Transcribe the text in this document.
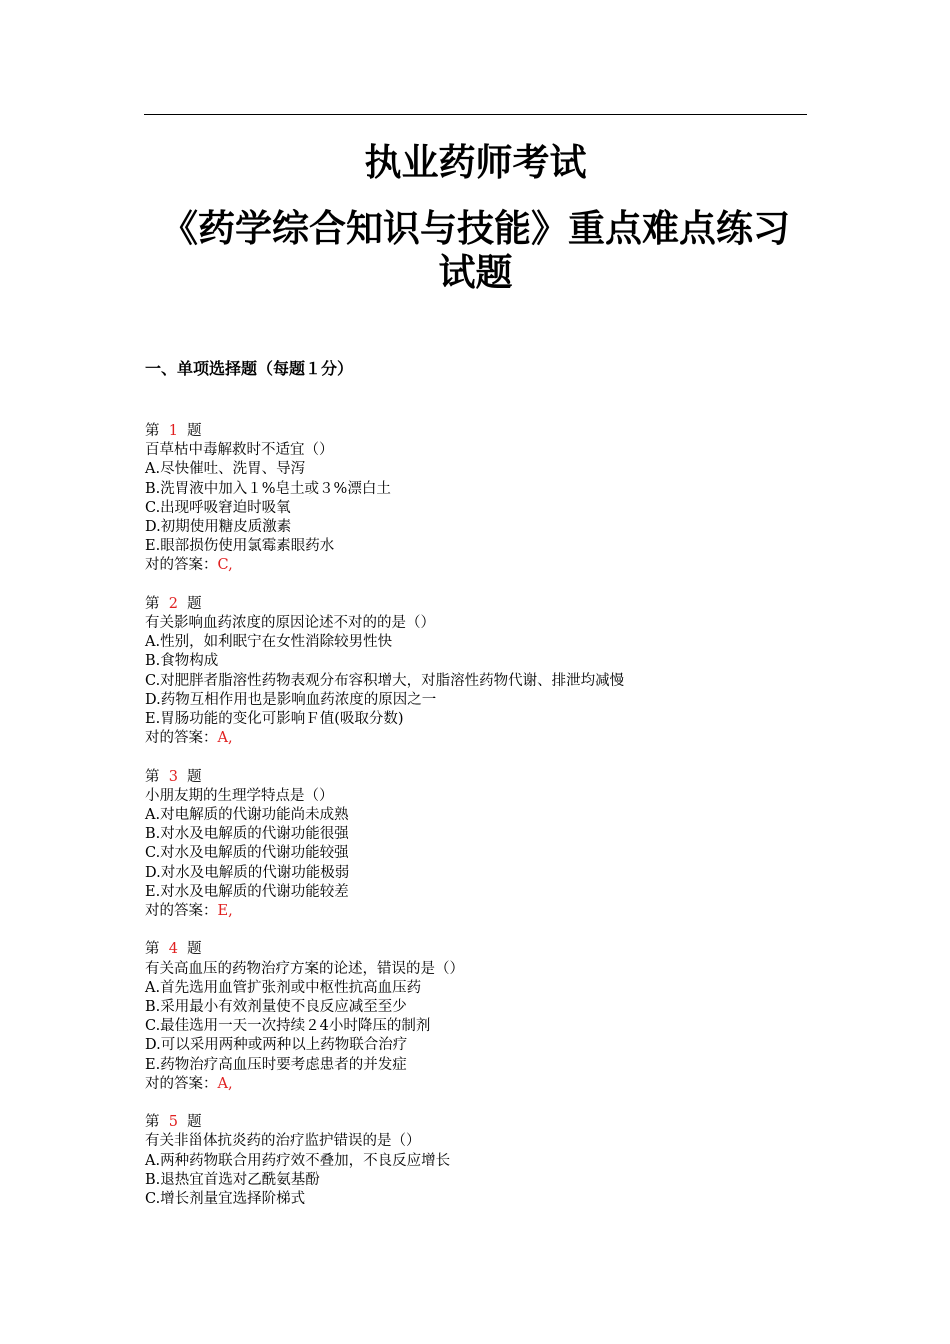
执业药师考试
《药学综合知识与技能》重点难点练习试题
一、单项选择题（每题１分）
第 1 题
百草枯中毒解救时不适宜（）
A.尽快催吐、洗胃、导泻
B.洗胃液中加入１%皂土或３%漂白土
C.出现呼吸窘迫时吸氧
D.初期使用糖皮质激素
E.眼部损伤使用氯霉素眼药水
对的答案：C,
第 2 题
有关影响血药浓度的原因论述不对的的是（）
A.性别，如利眠宁在女性消除较男性快
B.食物构成
C.对肥胖者脂溶性药物表观分布容积增大，对脂溶性药物代谢、排泄均减慢
D.药物互相作用也是影响血药浓度的原因之一
E.胃肠功能的变化可影响Ｆ值(吸取分数)
对的答案：A,
第 3 题
小朋友期的生理学特点是（）
A.对电解质的代谢功能尚未成熟
B.对水及电解质的代谢功能很强
C.对水及电解质的代谢功能较强
D.对水及电解质的代谢功能极弱
E.对水及电解质的代谢功能较差
对的答案：E,
第 4 题
有关高血压的药物治疗方案的论述，错误的是（）
A.首先选用血管扩张剂或中枢性抗高血压药
B.采用最小有效剂量使不良反应减至至少
C.最佳选用一天一次持续２4小时降压的制剂
D.可以采用两种或两种以上药物联合治疗
E.药物治疗高血压时要考虑患者的并发症
对的答案：A,
第 5 题
有关非甾体抗炎药的治疗监护错误的是（）
A.两种药物联合用药疗效不叠加，不良反应增长
B.退热宜首选对乙酰氨基酚
C.增长剂量宜选择阶梯式
